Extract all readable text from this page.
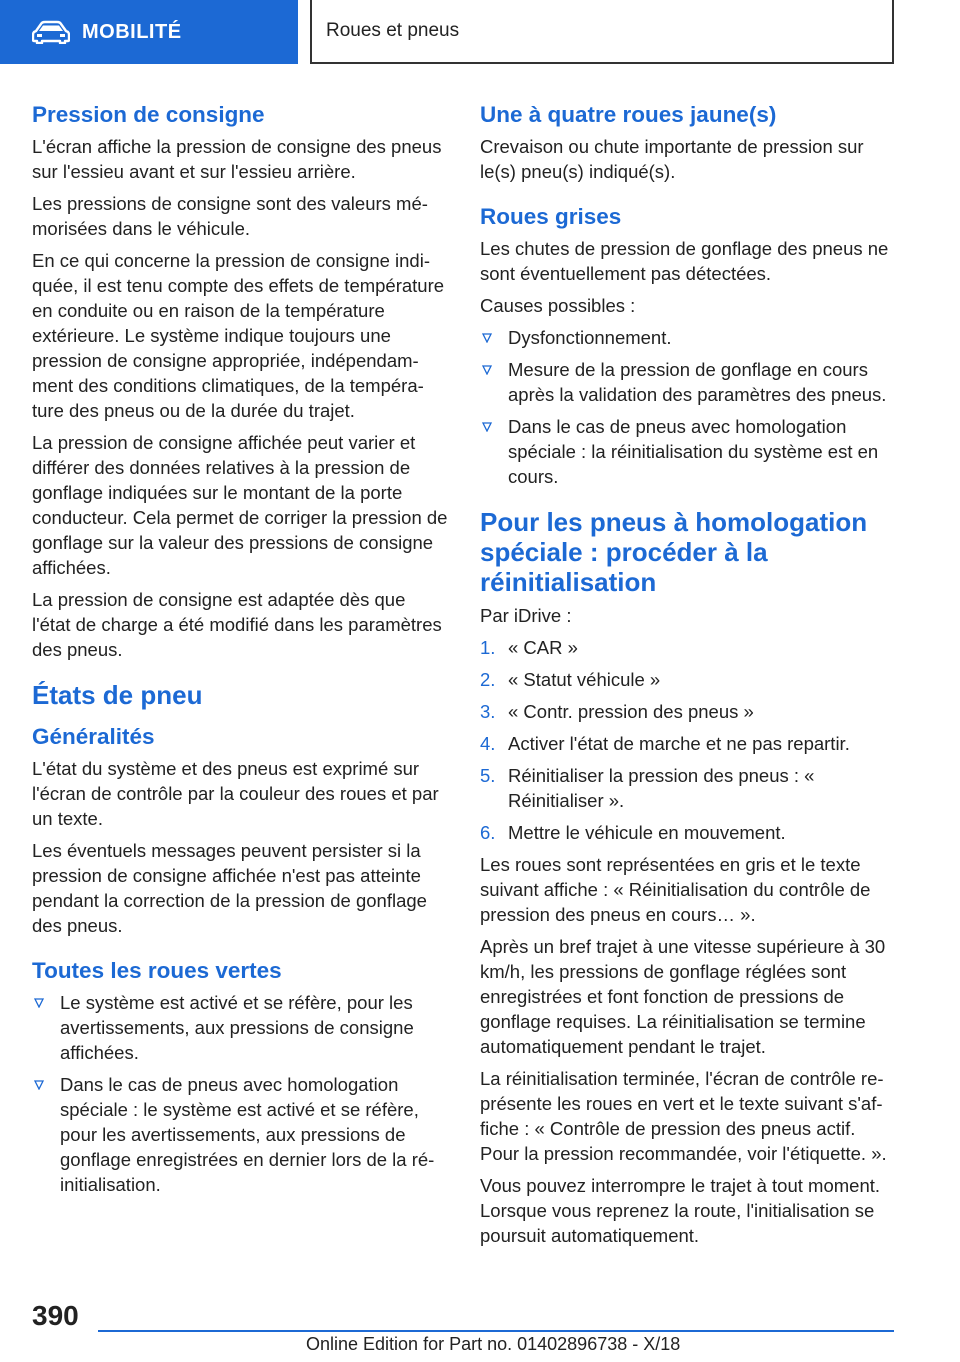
MOBILITÉ	Roues et pneus
Pression de consigne

L'écran affiche la pression de consigne des pneus sur l'essieu avant et sur l'essieu arrière.

Les pressions de consigne sont des valeurs mémorisées dans le véhicule.

En ce qui concerne la pression de consigne indiquée, il est tenu compte des effets de température en conduite ou en raison de la température extérieure. Le système indique toujours une pression de consigne appropriée, indépendamment des conditions climatiques, de la température des pneus ou de la durée du trajet.

La pression de consigne affichée peut varier et différer des données relatives à la pression de gonflage indiquées sur le montant de la porte conducteur. Cela permet de corriger la pression de gonflage sur la valeur des pressions de consigne affichées.

La pression de consigne est adaptée dès que l'état de charge a été modifié dans les paramètres des pneus.

États de pneu
Généralités

L'état du système et des pneus est exprimé sur l'écran de contrôle par la couleur des roues et par un texte.

Les éventuels messages peuvent persister si la pression de consigne affichée n'est pas atteinte pendant la correction de la pression de gonflage des pneus.

Toutes les roues vertes
Le système est activé et se réfère, pour les avertissements, aux pressions de consigne affichées.
Dans le cas de pneus avec homologation spéciale : le système est activé et se réfère, pour les avertissements, aux pressions de gonflage enregistrées en dernier lors de la réinitialisation.
Une à quatre roues jaune(s)

Crevaison ou chute importante de pression sur le(s) pneu(s) indiqué(s).

Roues grises

Les chutes de pression de gonflage des pneus ne sont éventuellement pas détectées.

Causes possibles :

Dysfonctionnement.
Mesure de la pression de gonflage en cours après la validation des paramètres des pneus.
Dans le cas de pneus avec homologation spéciale : la réinitialisation du système est en cours.
Pour les pneus à homologation spéciale : procéder à la réinitialisation

Par iDrive :

1. « CAR »
2. « Statut véhicule »
3. « Contr. pression des pneus »
4. Activer l'état de marche et ne pas repartir.
5. Réinitialiser la pression des pneus : « Réinitialiser ».
6. Mettre le véhicule en mouvement.

Les roues sont représentées en gris et le texte suivant affiche : « Réinitialisation du contrôle de pression des pneus en cours… ».

Après un bref trajet à une vitesse supérieure à 30 km/h, les pressions de gonflage réglées sont enregistrées et font fonction de pressions de gonflage requises. La réinitialisation se termine automatiquement pendant le trajet.

La réinitialisation terminée, l'écran de contrôle représente les roues en vert et le texte suivant s'affiche : « Contrôle de pression des pneus actif. Pour la pression recommandée, voir l'étiquette. ».

Vous pouvez interrompre le trajet à tout moment. Lorsque vous reprenez la route, l'initialisation se poursuit automatiquement.

390
Online Edition for Part no. 01402896738 - X/18
